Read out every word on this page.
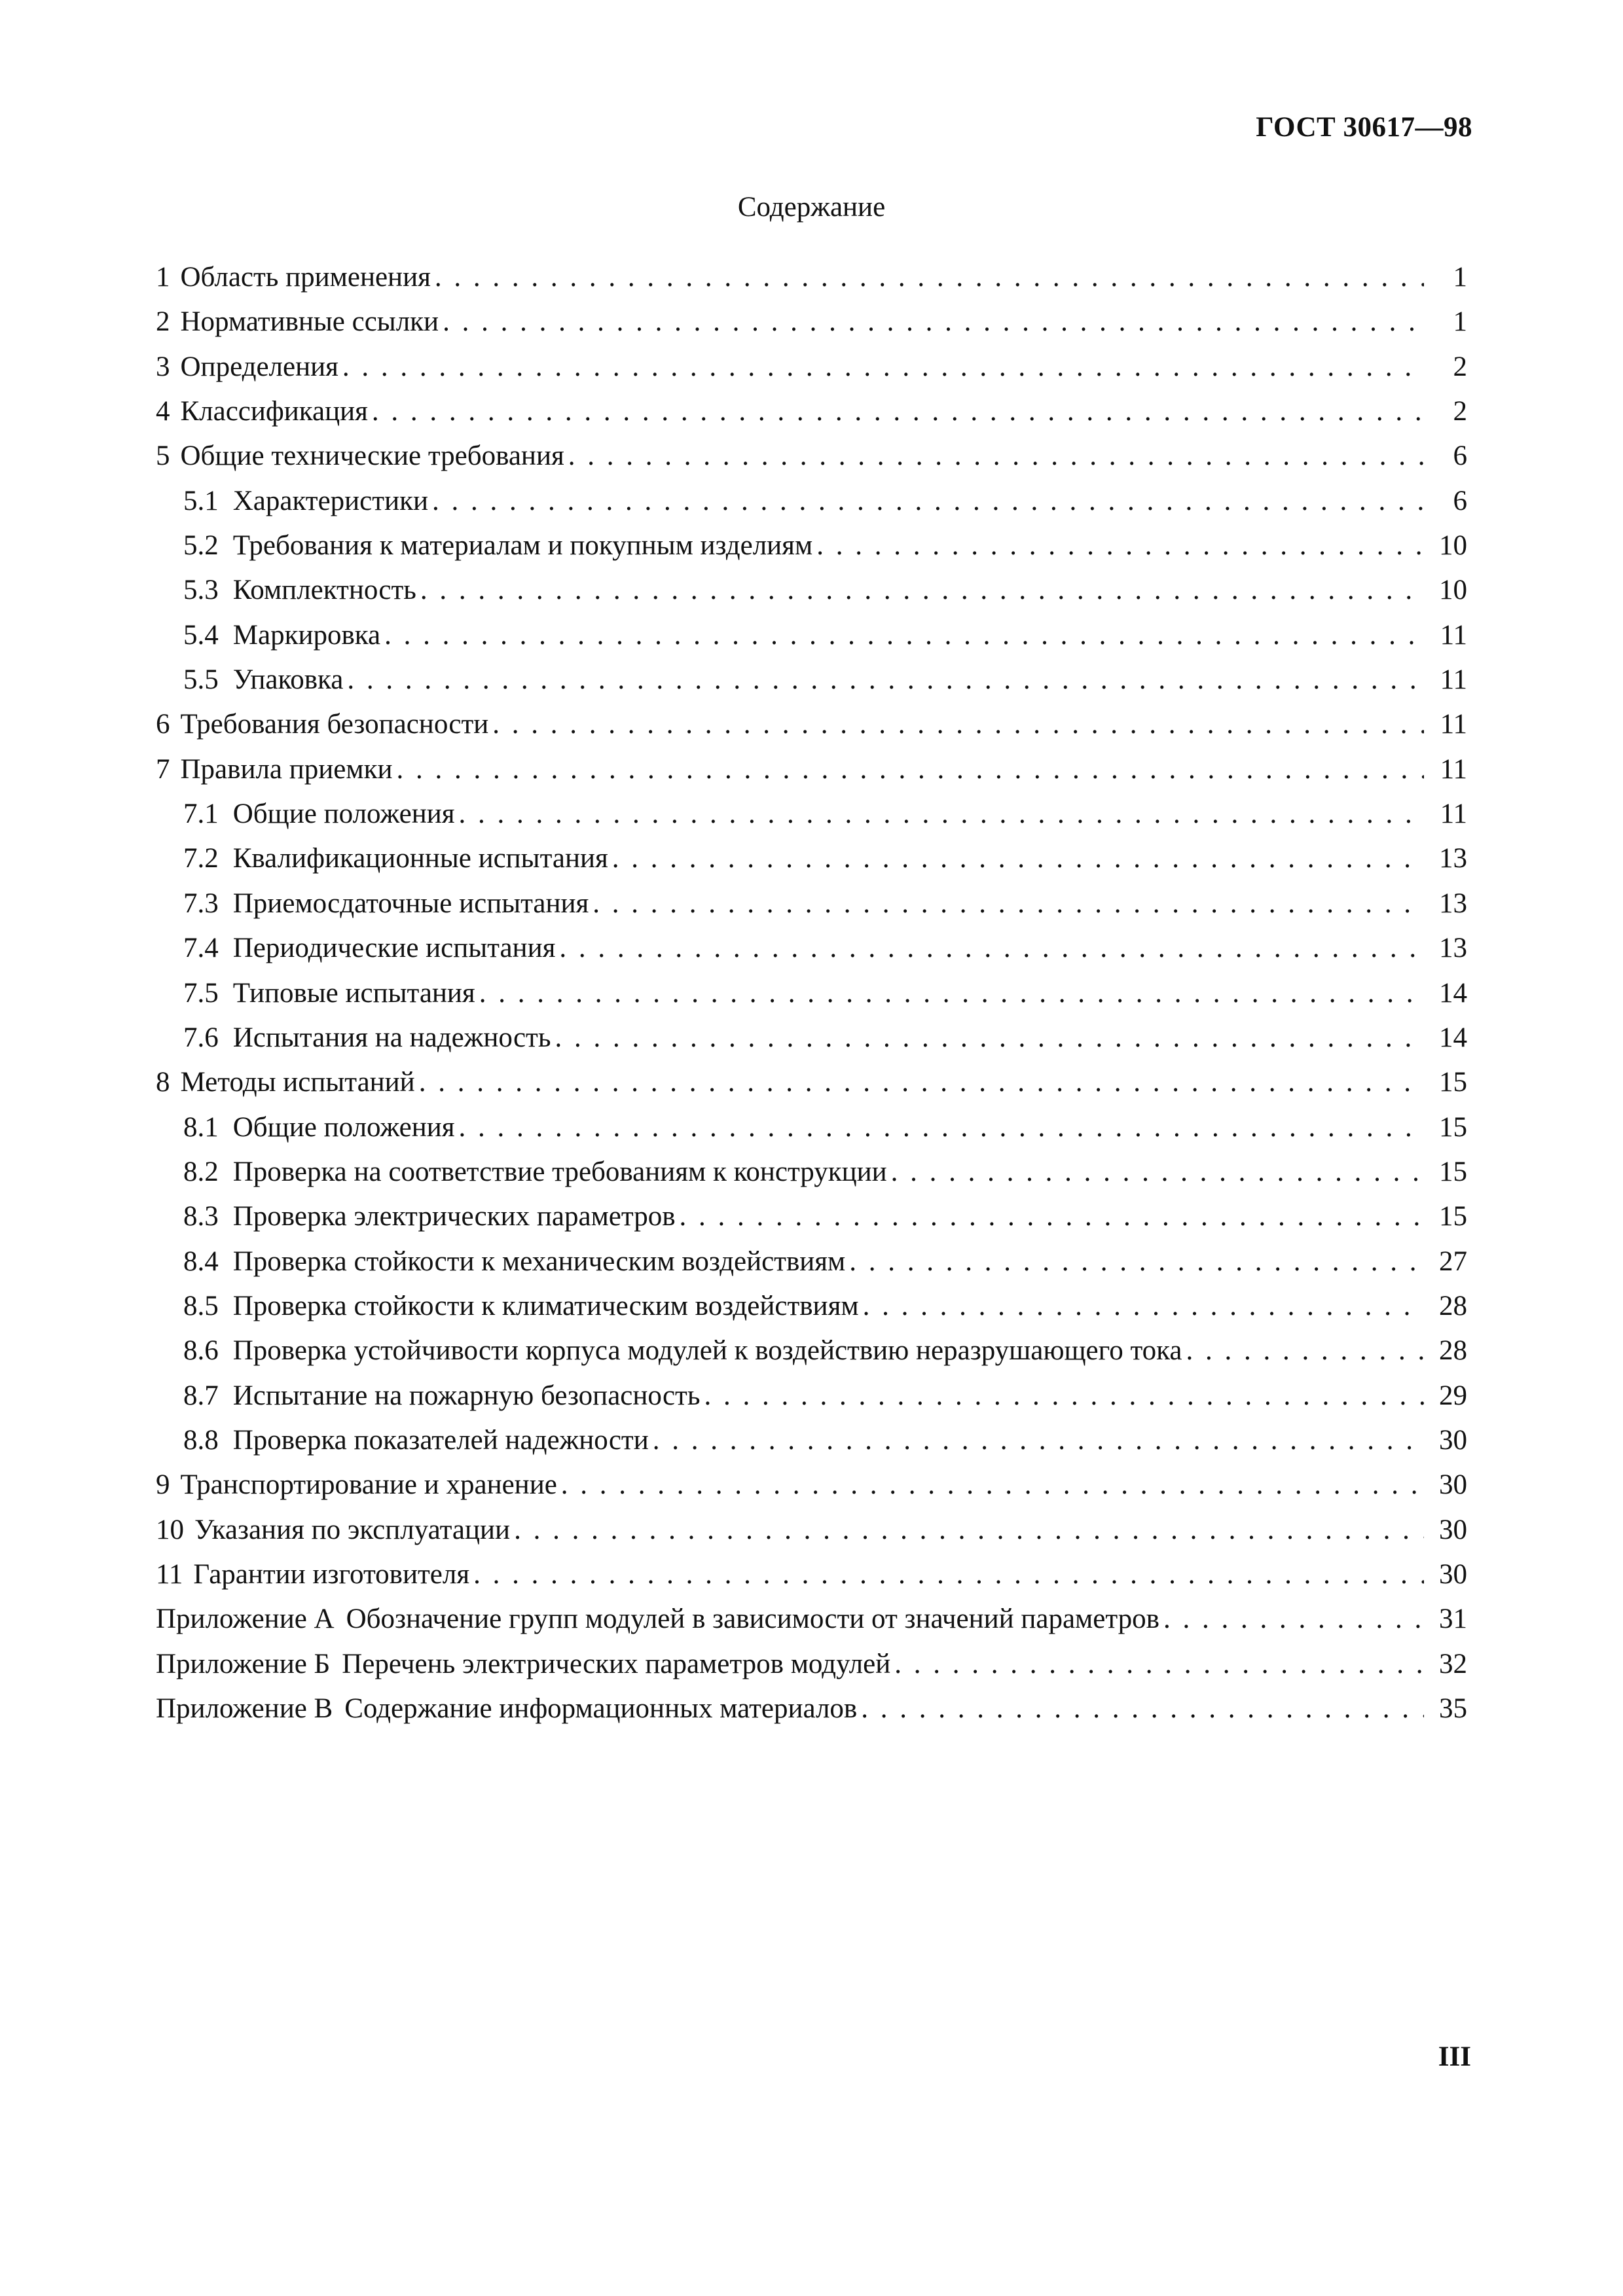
ГОСТ 30617—98
Содержание
1 Область применения . . .	1
2 Нормативные ссылки . . .	1
3 Определения . . .	2
4 Классификация . . .	2
5 Общие технические требования . . .	6
5.1 Характеристики . . .	6
5.2 Требования к материалам и покупным изделиям . . .	10
5.3 Комплектность . . .	10
5.4 Маркировка . . .	11
5.5 Упаковка . . .	11
6 Требования безопасности . . .	11
7 Правила приемки . . .	11
7.1 Общие положения . . .	11
7.2 Квалификационные испытания . . .	13
7.3 Приемосдаточные испытания . . .	13
7.4 Периодические испытания . . .	13
7.5 Типовые испытания . . .	14
7.6 Испытания на надежность . . .	14
8 Методы испытаний . . .	15
8.1 Общие положения . . .	15
8.2 Проверка на соответствие требованиям к конструкции . . .	15
8.3 Проверка электрических параметров . . .	15
8.4 Проверка стойкости к механическим воздействиям . . .	27
8.5 Проверка стойкости к климатическим воздействиям . . .	28
8.6 Проверка устойчивости корпуса модулей к воздействию неразрушающего тока . . .	28
8.7 Испытание на пожарную безопасность . . .	29
8.8 Проверка показателей надежности . . .	30
9 Транспортирование и хранение . . .	30
10 Указания по эксплуатации . . .	30
11 Гарантии изготовителя . . .	30
Приложение А Обозначение групп модулей в зависимости от значений параметров . . .	31
Приложение Б Перечень электрических параметров модулей . . .	32
Приложение В Содержание информационных материалов . . .	35
III
